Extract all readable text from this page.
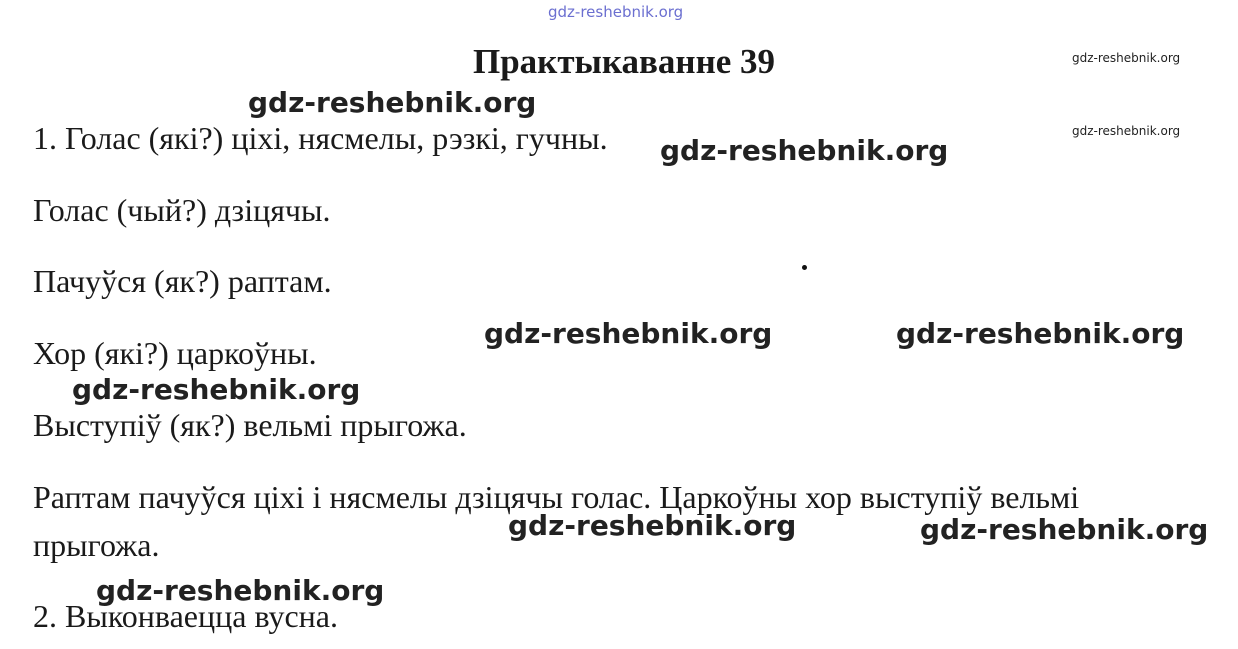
gdz-reshebnik.org
gdz-reshebnik.org
gdz-reshebnik.org
Практыкаванне 39
1. Голас (які?) ціхі, нясмелы, рэзкі, гучны.
Голас (чый?) дзіцячы.
Пачуўся (як?) раптам.
Хор (які?) царкоўны.
Выступіў (як?) вельмі прыгожа.
Раптам пачуўся ціхі і нясмелы дзіцячы голас. Царкоўны хор выступіў вельмі
прыгожа.
2. Выконваецца вусна.
gdz-reshebnik.org
gdz-reshebnik.org
gdz-reshebnik.org	gdz-reshebnik.org
gdz-reshebnik.org
gdz-reshebnik.org	gdz-reshebnik.org
gdz-reshebnik.org
